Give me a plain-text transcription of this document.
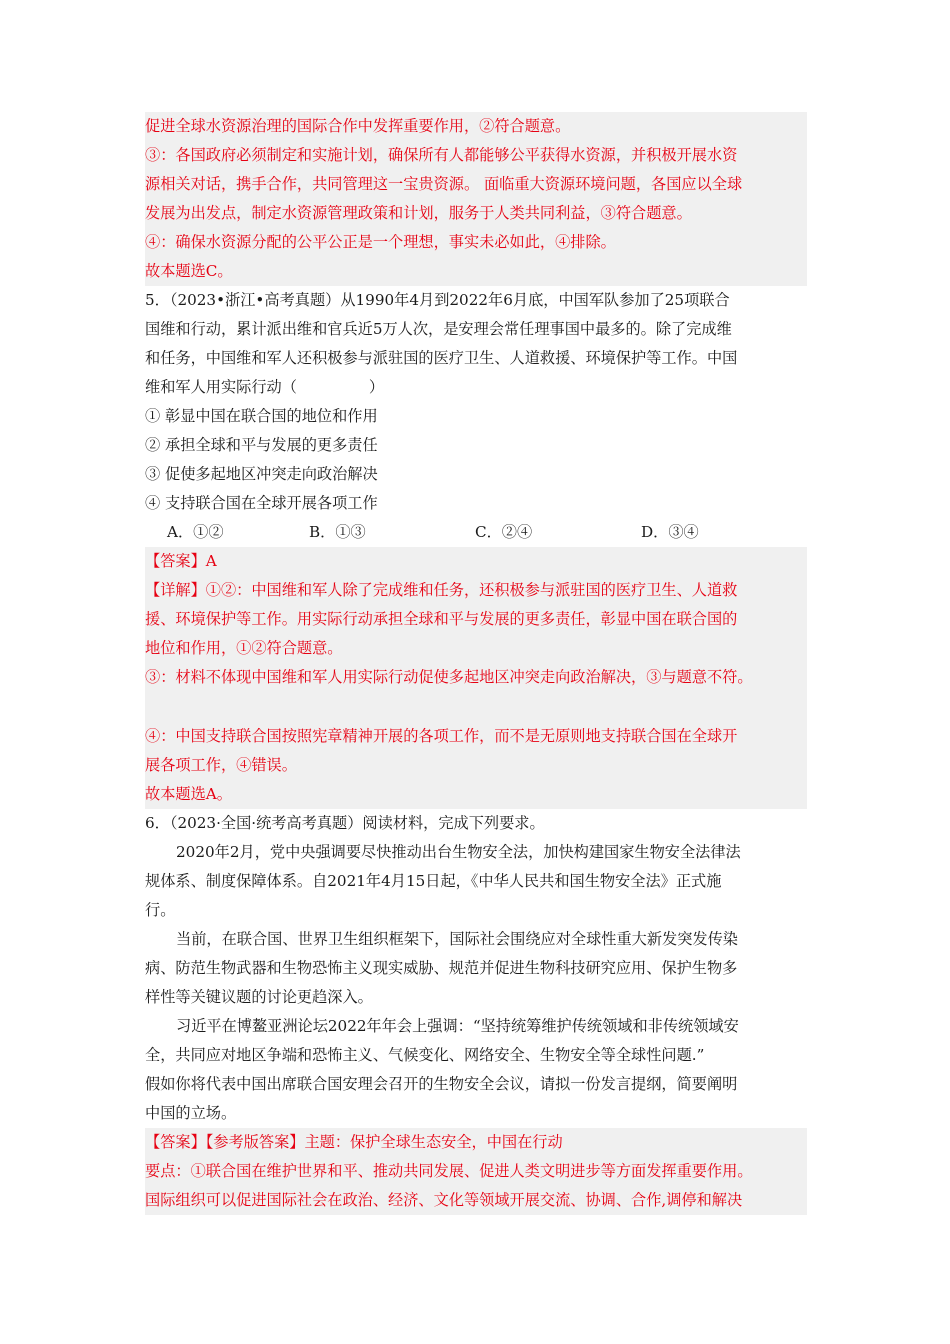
促进全球水资源治理的国际合作中发挥重要作用，②符合题意。
③：各国政府必须制定和实施计划，确保所有人都能够公平获得水资源，并积极开展水资
源相关对话，携手合作，共同管理这一宝贵资源。 面临重大资源环境问题，各国应以全球
发展为出发点，制定水资源管理政策和计划，服务于人类共同利益，③符合题意。
④：确保水资源分配的公平公正是一个理想，事实未必如此，④排除。
故本题选C。
5．（2023•浙江•高考真题）从1990年4月到2022年6月底，中国军队参加了25项联合
国维和行动，累计派出维和官兵近5万人次，是安理会常任理事国中最多的。除了完成维
和任务，中国维和军人还积极参与派驻国的医疗卫生、人道救援、环境保护等工作。中国
维和军人用实际行动（	）
① 彰显中国在联合国的地位和作用
② 承担全球和平与发展的更多责任
③ 促使多起地区冲突走向政治解决
④ 支持联合国在全球开展各项工作
A．①②	B．①③	C．②④	D．③④
【答案】A
【详解】①②：中国维和军人除了完成维和任务，还积极参与派驻国的医疗卫生、人道救
援、环境保护等工作。用实际行动承担全球和平与发展的更多责任，彰显中国在联合国的
地位和作用，①②符合题意。
③：材料不体现中国维和军人用实际行动促使多起地区冲突走向政治解决，③与题意不符。
④：中国支持联合国按照宪章精神开展的各项工作，而不是无原则地支持联合国在全球开
展各项工作，④错误。
故本题选A。
6．（2023·全国·统考高考真题）阅读材料，完成下列要求。
2020年2月，党中央强调要尽快推动出台生物安全法，加快构建国家生物安全法律法
规体系、制度保障体系。自2021年4月15日起，《中华人民共和国生物安全法》正式施
行。
当前，在联合国、世界卫生组织框架下，国际社会围绕应对全球性重大新发突发传染
病、防范生物武器和生物恐怖主义现实威胁、规范并促进生物科技研究应用、保护生物多
样性等关键议题的讨论更趋深入。
习近平在博鳌亚洲论坛2022年年会上强调：“坚持统筹维护传统领域和非传统领域安
全，共同应对地区争端和恐怖主义、气候变化、网络安全、生物安全等全球性问题.”
假如你将代表中国出席联合国安理会召开的生物安全会议，请拟一份发言提纲，简要阐明
中国的立场。
【答案】【参考版答案】主题：保护全球生态安全，中国在行动
要点：①联合国在维护世界和平、推动共同发展、促进人类文明进步等方面发挥重要作用。
国际组织可以促进国际社会在政治、经济、文化等领域开展交流、协调、合作,调停和解决
